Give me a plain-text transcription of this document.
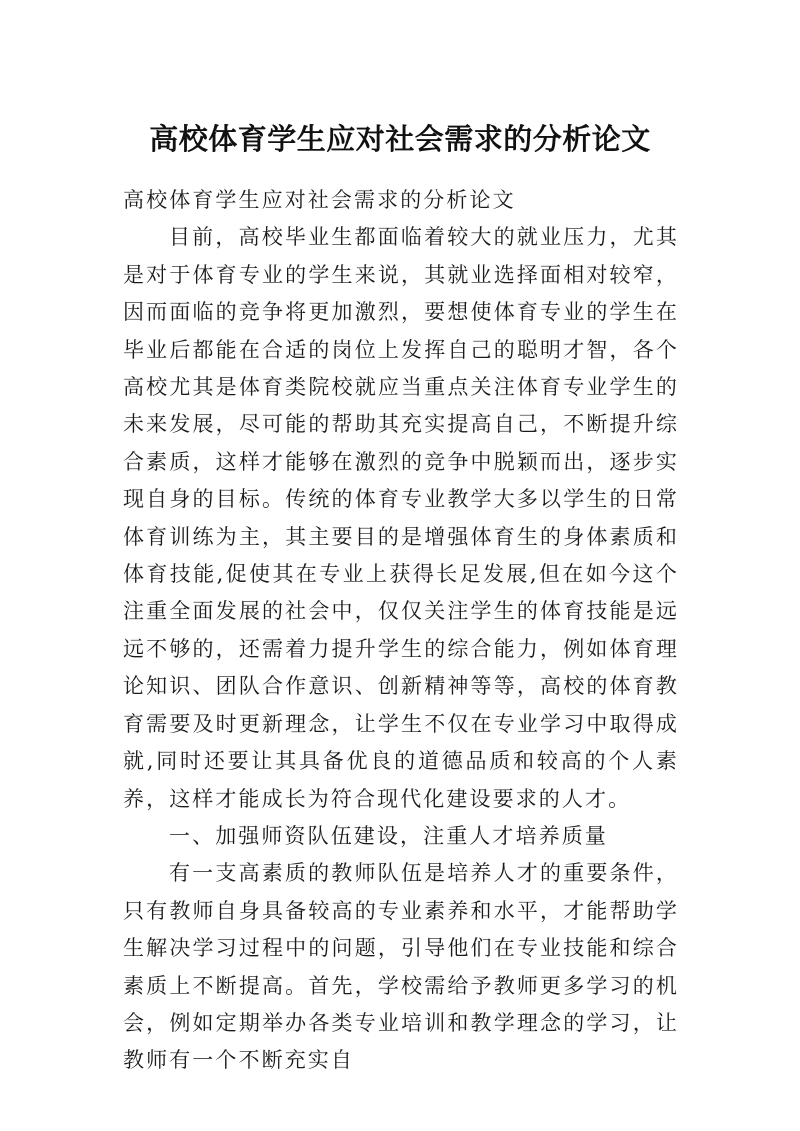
高校体育学生应对社会需求的分析论文

高校体育学生应对社会需求的分析论文

目前，高校毕业生都面临着较大的就业压力，尤其是对于体育专业的学生来说，其就业选择面相对较窄，因而面临的竞争将更加激烈，要想使体育专业的学生在毕业后都能在合适的岗位上发挥自己的聪明才智，各个高校尤其是体育类院校就应当重点关注体育专业学生的未来发展，尽可能的帮助其充实提高自己，不断提升综合素质，这样才能够在激烈的竞争中脱颖而出，逐步实现自身的目标。传统的体育专业教学大多以学生的日常体育训练为主，其主要目的是增强体育生的身体素质和体育技能,促使其在专业上获得长足发展,但在如今这个注重全面发展的社会中，仅仅关注学生的体育技能是远远不够的，还需着力提升学生的综合能力，例如体育理论知识、团队合作意识、创新精神等等，高校的体育教育需要及时更新理念，让学生不仅在专业学习中取得成就,同时还要让其具备优良的道德品质和较高的个人素养，这样才能成长为符合现代化建设要求的人才。

一、加强师资队伍建设，注重人才培养质量

有一支高素质的教师队伍是培养人才的重要条件，只有教师自身具备较高的专业素养和水平，才能帮助学生解决学习过程中的问题，引导他们在专业技能和综合素质上不断提高。首先，学校需给予教师更多学习的机会，例如定期举办各类专业培训和教学理念的学习，让教师有一个不断充实自
